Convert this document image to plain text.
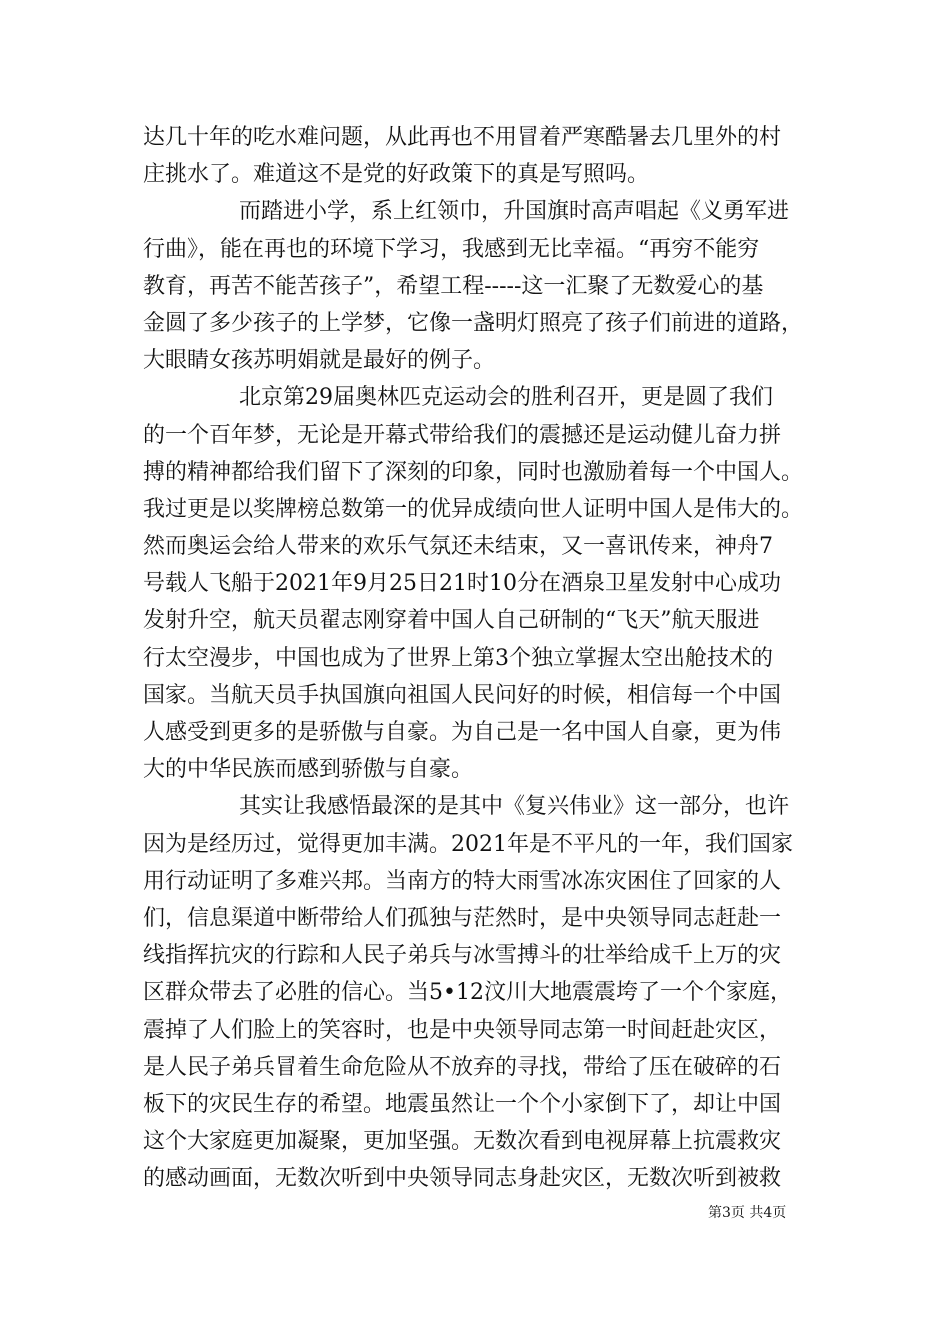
达几十年的吃水难问题，从此再也不用冒着严寒酷暑去几里外的村
庄挑水了。难道这不是党的好政策下的真是写照吗。
而踏进小学，系上红领巾，升国旗时高声唱起《义勇军进
行曲》，能在再也的环境下学习，我感到无比幸福。“再穷不能穷
教育，再苦不能苦孩子”，希望工程-----这一汇聚了无数爱心的基
金圆了多少孩子的上学梦，它像一盏明灯照亮了孩子们前进的道路，
大眼睛女孩苏明娟就是最好的例子。
北京第29届奥林匹克运动会的胜利召开，更是圆了我们
的一个百年梦，无论是开幕式带给我们的震撼还是运动健儿奋力拼
搏的精神都给我们留下了深刻的印象，同时也激励着每一个中国人。
我过更是以奖牌榜总数第一的优异成绩向世人证明中国人是伟大的。
然而奥运会给人带来的欢乐气氛还未结束，又一喜讯传来，神舟7
号载人飞船于2021年9月25日21时10分在酒泉卫星发射中心成功
发射升空，航天员翟志刚穿着中国人自己研制的“飞天”航天服进
行太空漫步，中国也成为了世界上第3个独立掌握太空出舱技术的
国家。当航天员手执国旗向祖国人民问好的时候，相信每一个中国
人感受到更多的是骄傲与自豪。为自己是一名中国人自豪，更为伟
大的中华民族而感到骄傲与自豪。
其实让我感悟最深的是其中《复兴伟业》这一部分，也许
因为是经历过，觉得更加丰满。2021年是不平凡的一年，我们国家
用行动证明了多难兴邦。当南方的特大雨雪冰冻灾困住了回家的人
们，信息渠道中断带给人们孤独与茫然时，是中央领导同志赶赴一
线指挥抗灾的行踪和人民子弟兵与冰雪搏斗的壮举给成千上万的灾
区群众带去了必胜的信心。当5•12汶川大地震震垮了一个个家庭，
震掉了人们脸上的笑容时，也是中央领导同志第一时间赶赴灾区，
是人民子弟兵冒着生命危险从不放弃的寻找，带给了压在破碎的石
板下的灾民生存的希望。地震虽然让一个个小家倒下了，却让中国
这个大家庭更加凝聚，更加坚强。无数次看到电视屏幕上抗震救灾
的感动画面，无数次听到中央领导同志身赴灾区，无数次听到被救
第3页 共4页
